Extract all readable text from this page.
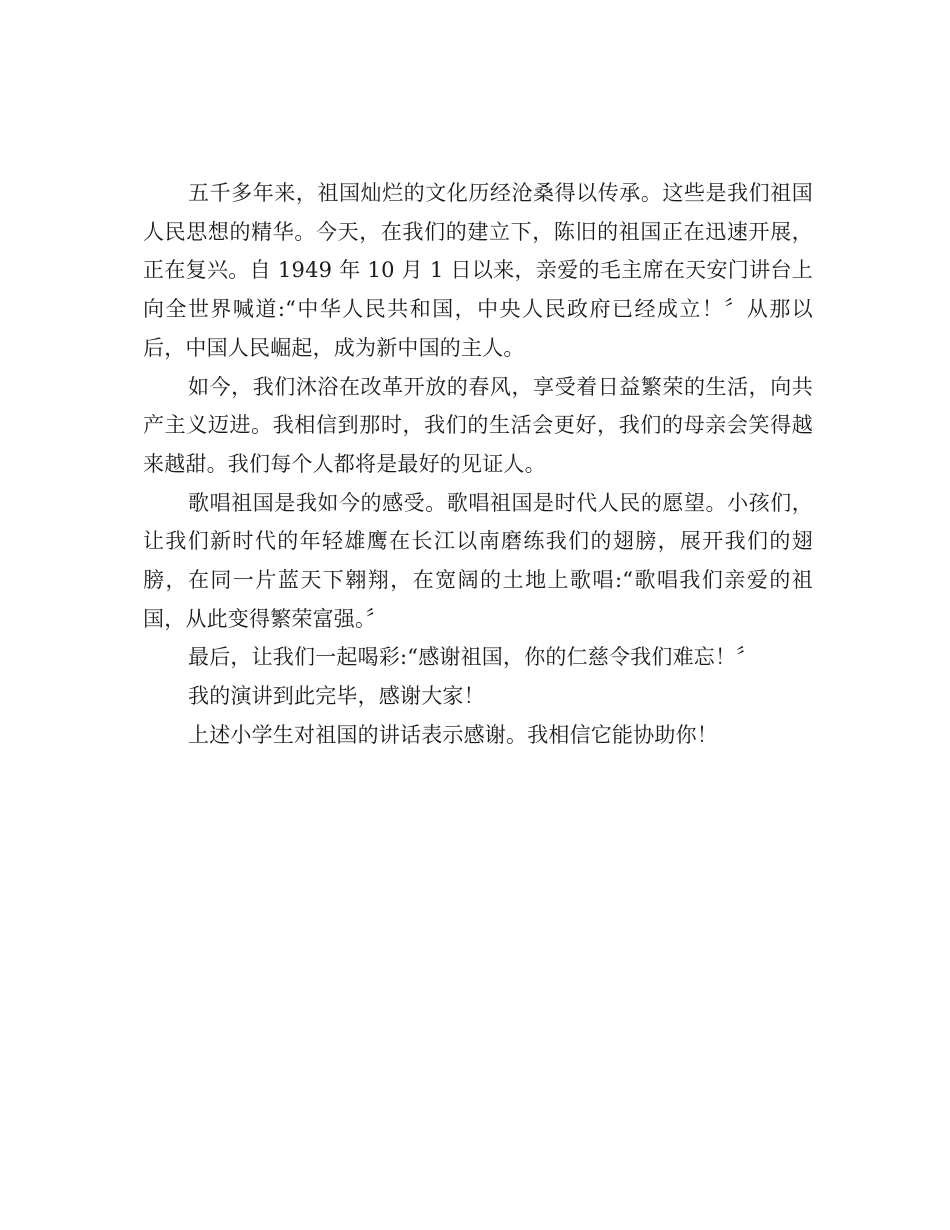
五千多年来，祖国灿烂的文化历经沧桑得以传承。这些是我们祖国人民思想的精华。今天，在我们的建立下，陈旧的祖国正在迅速开展，正在复兴。自 1949 年 10 月 1 日以来，亲爱的毛主席在天安门讲台上向全世界喊道:“中华人民共和国，中央人民政府已经成立！〞从那以后，中国人民崛起，成为新中国的主人。

如今，我们沐浴在改革开放的春风，享受着日益繁荣的生活，向共产主义迈进。我相信到那时，我们的生活会更好，我们的母亲会笑得越来越甜。我们每个人都将是最好的见证人。

歌唱祖国是我如今的感受。歌唱祖国是时代人民的愿望。小孩们，让我们新时代的年轻雄鹰在长江以南磨练我们的翅膀，展开我们的翅膀，在同一片蓝天下翱翔，在宽阔的土地上歌唱:“歌唱我们亲爱的祖国，从此变得繁荣富强。〞

最后，让我们一起喝彩:“感谢祖国，你的仁慈令我们难忘！〞

我的演讲到此完毕，感谢大家！

上述小学生对祖国的讲话表示感谢。我相信它能协助你！
